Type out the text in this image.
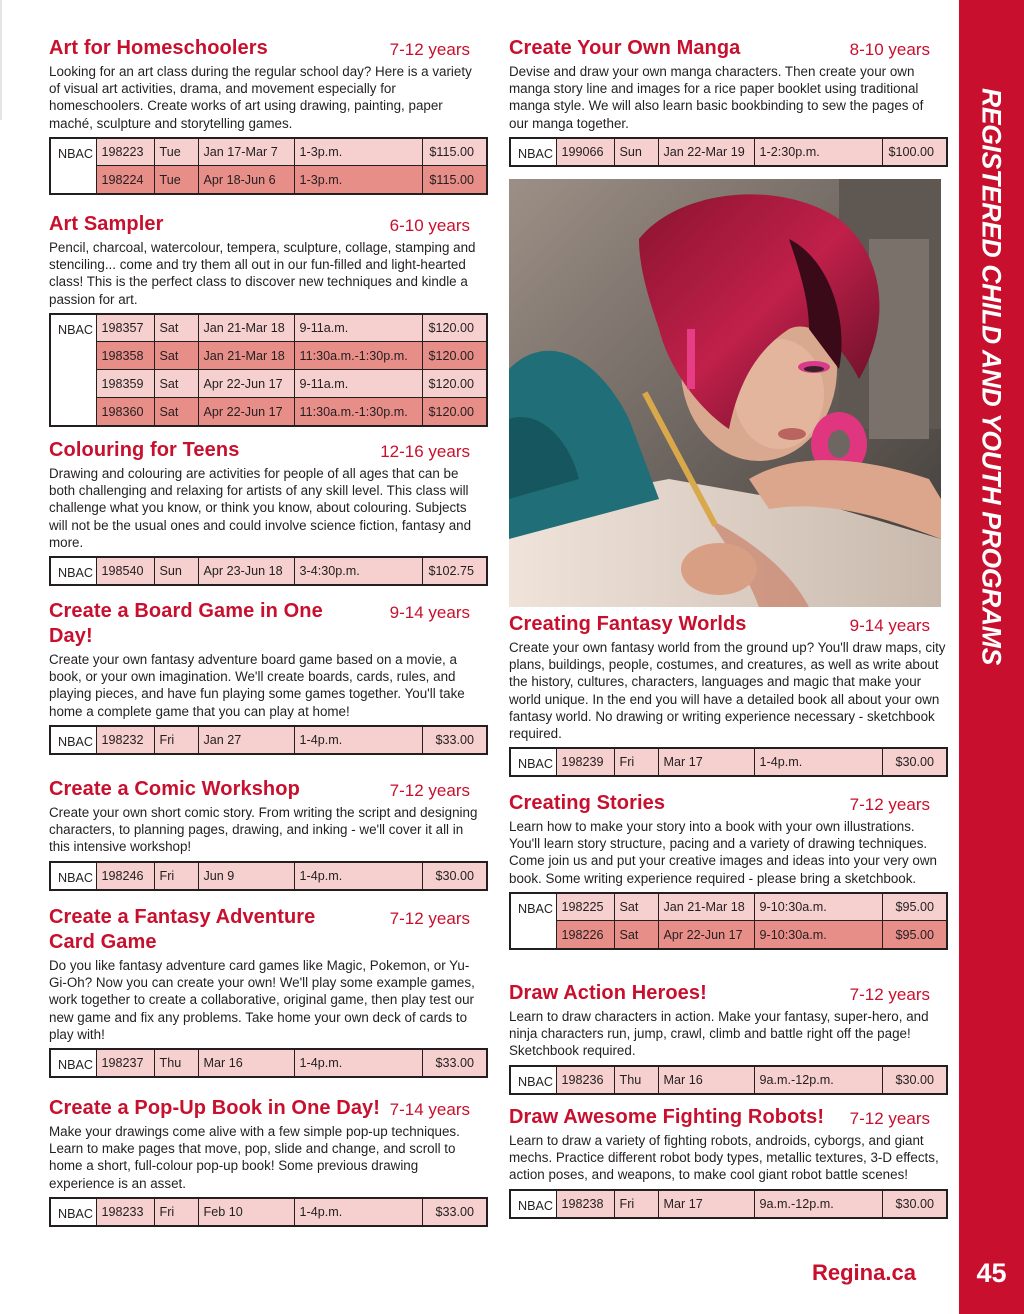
Art for Homeschoolers	7-12 years
Looking for an art class during the regular school day? Here is a variety of visual art activities, drama, and movement especially for homeschoolers. Create works of art using drawing, painting, paper maché, sculpture and storytelling games.
NBAC	198223	Tue	Jan 17-Mar 7	1-3p.m.	$115.00
	198224	Tue	Apr 18-Jun 6	1-3p.m.	$115.00
Art Sampler	6-10 years
Pencil, charcoal, watercolour, tempera, sculpture, collage, stamping and stenciling... come and try them all out in our fun-filled and light-hearted class! This is the perfect class to discover new techniques and kindle a passion for art.
NBAC	198357	Sat	Jan 21-Mar 18	9-11a.m.	$120.00
	198358	Sat	Jan 21-Mar 18	11:30a.m.-1:30p.m.	$120.00
	198359	Sat	Apr 22-Jun 17	9-11a.m.	$120.00
	198360	Sat	Apr 22-Jun 17	11:30a.m.-1:30p.m.	$120.00
Colouring for Teens	12-16 years
Drawing and colouring are activities for people of all ages that can be both challenging and relaxing for artists of any skill level. This class will challenge what you know, or think you know, about colouring. Subjects will not be the usual ones and could involve science fiction, fantasy and more.
NBAC	198540	Sun	Apr 23-Jun 18	3-4:30p.m.	$102.75
Create a Board Game in One Day!
9-14 years
Create your own fantasy adventure board game based on a movie, a book, or your own imagination. We'll create boards, cards, rules, and playing pieces, and have fun playing some games together. You'll take home a complete game that you can play at home!
NBAC	198232	Fri	Jan 27	1-4p.m.	$33.00
Create a Comic Workshop	7-12 years
Create your own short comic story. From writing the script and designing characters, to planning pages, drawing, and inking - we'll cover it all in this intensive workshop!
NBAC	198246	Fri	Jun 9	1-4p.m.	$30.00
Create a Fantasy Adventure Card Game
7-12 years
Do you like fantasy adventure card games like Magic, Pokemon, or Yu-Gi-Oh? Now you can create your own! We'll play some example games, work together to create a collaborative, original game, then play test our new game and fix any problems. Take home your own deck of cards to play with!
NBAC	198237	Thu	Mar 16	1-4p.m.	$33.00
Create a Pop-Up Book in One Day! 7-14 years
Make your drawings come alive with a few simple pop-up techniques. Learn to make pages that move, pop, slide and change, and scroll to home a short, full-colour pop-up book! Some previous drawing experience is an asset.
NBAC	198233	Fri	Feb 10	1-4p.m.	$33.00
Create Your Own Manga	8-10 years
Devise and draw your own manga characters. Then create your own manga story line and images for a rice paper booklet using traditional manga style. We will also learn basic bookbinding to sew the pages of our manga together.
NBAC	199066	Sun	Jan 22-Mar 19	1-2:30p.m.	$100.00
Creating Fantasy Worlds	9-14 years
Create your own fantasy world from the ground up? You'll draw maps, city plans, buildings, people, costumes, and creatures, as well as write about the history, cultures, characters, languages and magic that make your world unique. In the end you will have a detailed book all about your own fantasy world. No drawing or writing experience necessary - sketchbook required.
NBAC	198239	Fri	Mar 17	1-4p.m.	$30.00
Creating Stories	7-12 years
Learn how to make your story into a book with your own illustrations. You'll learn story structure, pacing and a variety of drawing techniques. Come join us and put your creative images and ideas into your very own book. Some writing experience required - please bring a sketchbook.
NBAC	198225	Sat	Jan 21-Mar 18	9-10:30a.m.	$95.00
	198226	Sat	Apr 22-Jun 17	9-10:30a.m.	$95.00
Draw Action Heroes!	7-12 years
Learn to draw characters in action. Make your fantasy, super-hero, and ninja characters run, jump, crawl, climb and battle right off the page! Sketchbook required.
NBAC	198236	Thu	Mar 16	9a.m.-12p.m.	$30.00
Draw Awesome Fighting Robots!	7-12 years
Learn to draw a variety of fighting robots, androids, cyborgs, and giant mechs. Practice different robot body types, metallic textures, 3-D effects, action poses, and weapons, to make cool giant robot battle scenes!
NBAC	198238	Fri	Mar 17	9a.m.-12p.m.	$30.00
REGISTERED CHILD AND YOUTH PROGRAMS
45
Regina.ca
